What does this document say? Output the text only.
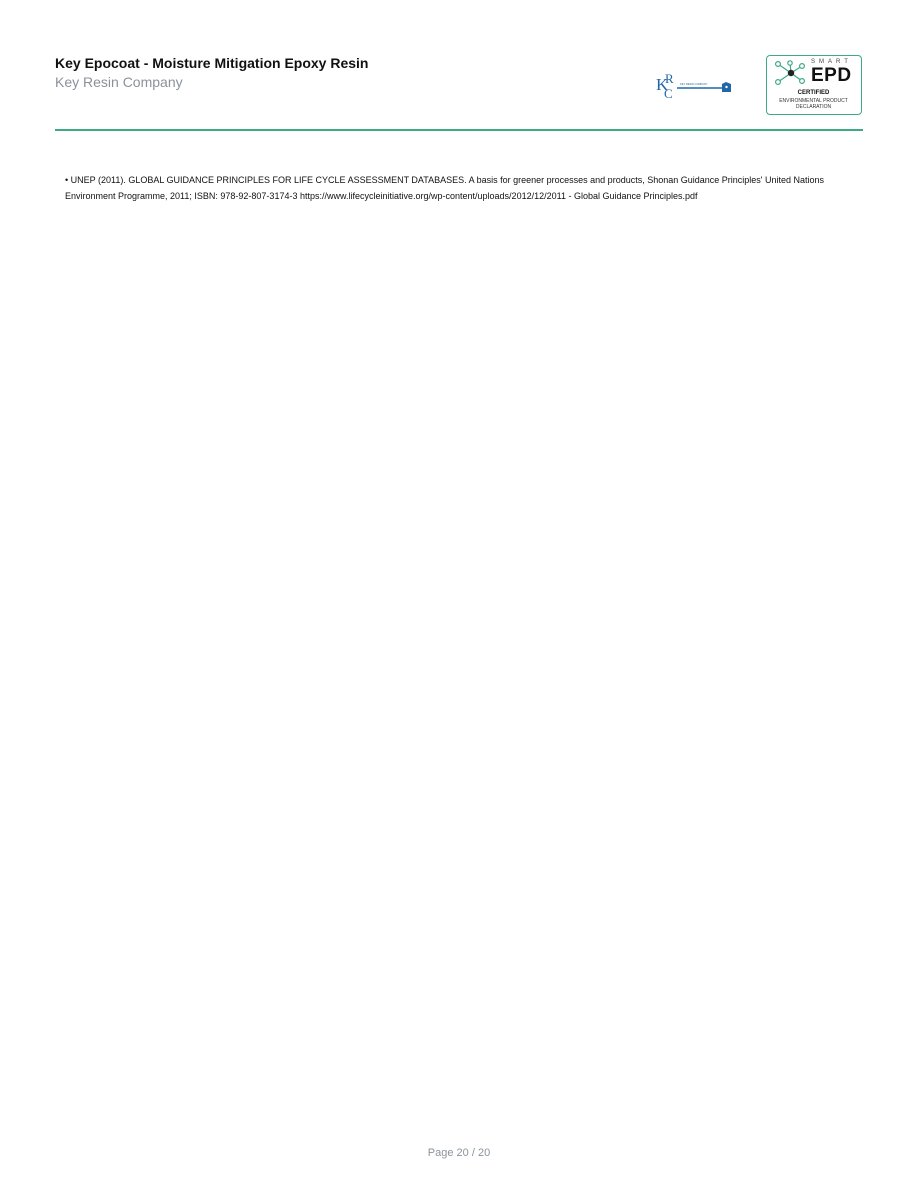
Key Epocoat - Moisture Mitigation Epoxy Resin
Key Resin Company	K
R
C
KEY RESIN COMPANY
SMART
EPD
CERTIFIED
ENVIRONMENTAL PRODUCT DECLARATION

• UNEP (2011). GLOBAL GUIDANCE PRINCIPLES FOR LIFE CYCLE ASSESSMENT DATABASES. A basis for greener processes and products, Shonan Guidance Principles' United Nations Environment Programme, 2011; ISBN: 978-92-807-3174-3 https://www.lifecycleinitiative.org/wp-content/uploads/2012/12/2011 - Global Guidance Principles.pdf

Page 20 / 20
